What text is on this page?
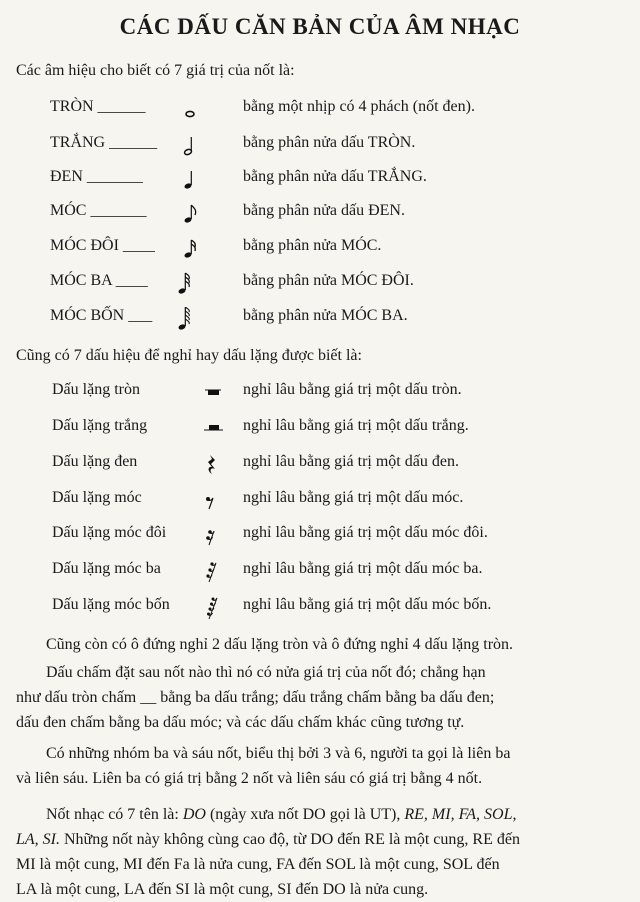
CÁC DẤU CĂN BẢN CỦA ÂM NHẠC

Các âm hiệu cho biết có 7 giá trị của nốt là:

TRÒN ______	bằng một nhịp có 4 phách (nốt đen).
TRẮNG ______	bằng phân nửa dấu TRÒN.
ĐEN _______	bằng phân nửa dấu TRẮNG.
MÓC _______	bằng phân nửa dấu ĐEN.
MÓC ĐÔI ____	bằng phân nửa MÓC.
MÓC BA ____	bằng phân nửa MÓC ĐÔI.
MÓC BỐN ___	bằng phân nửa MÓC BA.

Cũng có 7 dấu hiệu để nghỉ hay dấu lặng được biết là:

Dấu lặng tròn	nghỉ lâu bằng giá trị một dấu tròn.
Dấu lặng trắng	nghỉ lâu bằng giá trị một dấu trắng.
Dấu lặng đen	nghỉ lâu bằng giá trị một dấu đen.
Dấu lặng móc	nghỉ lâu bằng giá trị một dấu móc.
Dấu lặng móc đôi	nghỉ lâu bằng giá trị một dấu móc đôi.
Dấu lặng móc ba	nghỉ lâu bằng giá trị một dấu móc ba.
Dấu lặng móc bốn	nghỉ lâu bằng giá trị một dấu móc bốn.

Cũng còn có ô đứng nghỉ 2 dấu lặng tròn và ô đứng nghỉ 4 dấu lặng tròn.

Dấu chấm đặt sau nốt nào thì nó có nửa giá trị của nốt đó; chẳng hạn
như dấu tròn chấm __ bằng ba dấu trắng; dấu trắng chấm bằng ba dấu đen;
dấu đen chấm bằng ba dấu móc; và các dấu chấm khác cũng tương tự.

Có những nhóm ba và sáu nốt, biểu thị bởi 3 và 6, người ta gọi là liên ba
và liên sáu. Liên ba có giá trị bằng 2 nốt và liên sáu có giá trị bằng 4 nốt.

Nốt nhạc có 7 tên là: DO (ngày xưa nốt DO gọi là UT), RE, MI, FA, SOL,
LA, SI. Những nốt này không cùng cao độ, từ DO đến RE là một cung, RE đến
MI là một cung, MI đến Fa là nửa cung, FA đến SOL là một cung, SOL đến
LA là một cung, LA đến SI là một cung, SI đến DO là nửa cung.
